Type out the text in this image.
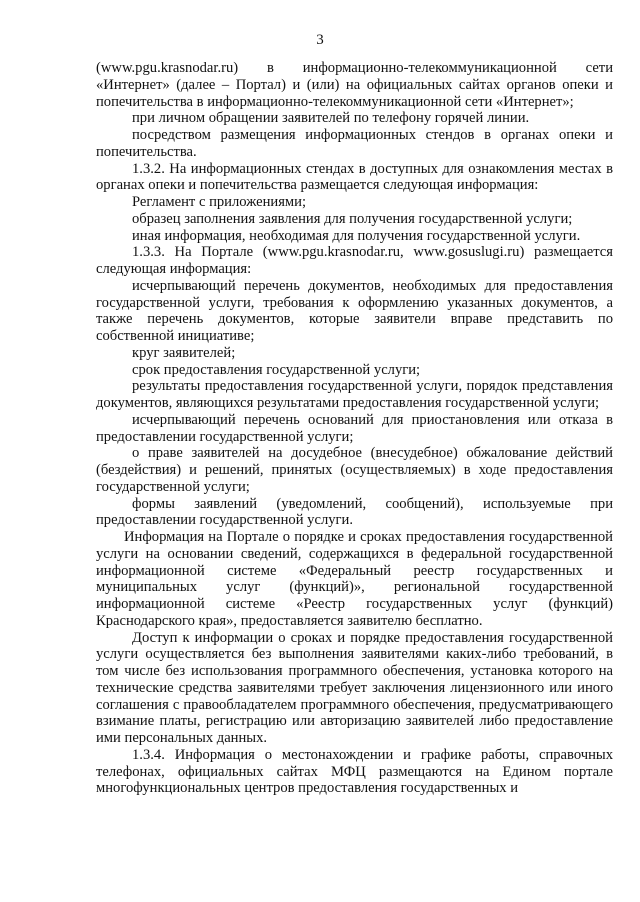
3

(www.pgu.krasnodar.ru) в информационно-телекоммуникационной сети «Интернет» (далее – Портал) и (или) на официальных сайтах органов опеки и попечительства в информационно-телекоммуникационной сети «Интернет»;

при личном обращении заявителей по телефону горячей линии.

посредством размещения информационных стендов в органах опеки и попечительства.

1.3.2. На информационных стендах в доступных для ознакомления местах в органах опеки и попечительства размещается следующая информация:

Регламент с приложениями;

образец заполнения заявления для получения государственной услуги;

иная информация, необходимая для получения государственной услуги.

1.3.3. На Портале (www.pgu.krasnodar.ru, www.gosuslugi.ru) размещается следующая информация:

исчерпывающий перечень документов, необходимых для предоставления государственной услуги, требования к оформлению указанных документов, а также перечень документов, которые заявители вправе представить по собственной инициативе;

круг заявителей;

срок предоставления государственной услуги;

результаты предоставления государственной услуги, порядок представления документов, являющихся результатами предоставления государственной услуги;

исчерпывающий перечень оснований для приостановления или отказа в предоставлении государственной услуги;

о праве заявителей на досудебное (внесудебное) обжалование действий (бездействия) и решений, принятых (осуществляемых) в ходе предоставления государственной услуги;

формы заявлений (уведомлений, сообщений), используемые при предоставлении государственной услуги.

Информация на Портале о порядке и сроках предоставления государственной услуги на основании сведений, содержащихся в федеральной государственной информационной системе «Федеральный реестр государственных и муниципальных услуг (функций)», региональной государственной информационной системе «Реестр государственных услуг (функций) Краснодарского края», предоставляется заявителю бесплатно.

Доступ к информации о сроках и порядке предоставления государственной услуги осуществляется без выполнения заявителями каких-либо требований, в том числе без использования программного обеспечения, установка которого на технические средства заявителями требует заключения лицензионного или иного соглашения с правообладателем программного обеспечения, предусматривающего взимание платы, регистрацию или авторизацию заявителей либо предоставление ими персональных данных.

1.3.4. Информация о местонахождении и графике работы, справочных телефонах, официальных сайтах МФЦ размещаются на Едином портале многофункциональных центров предоставления государственных и
